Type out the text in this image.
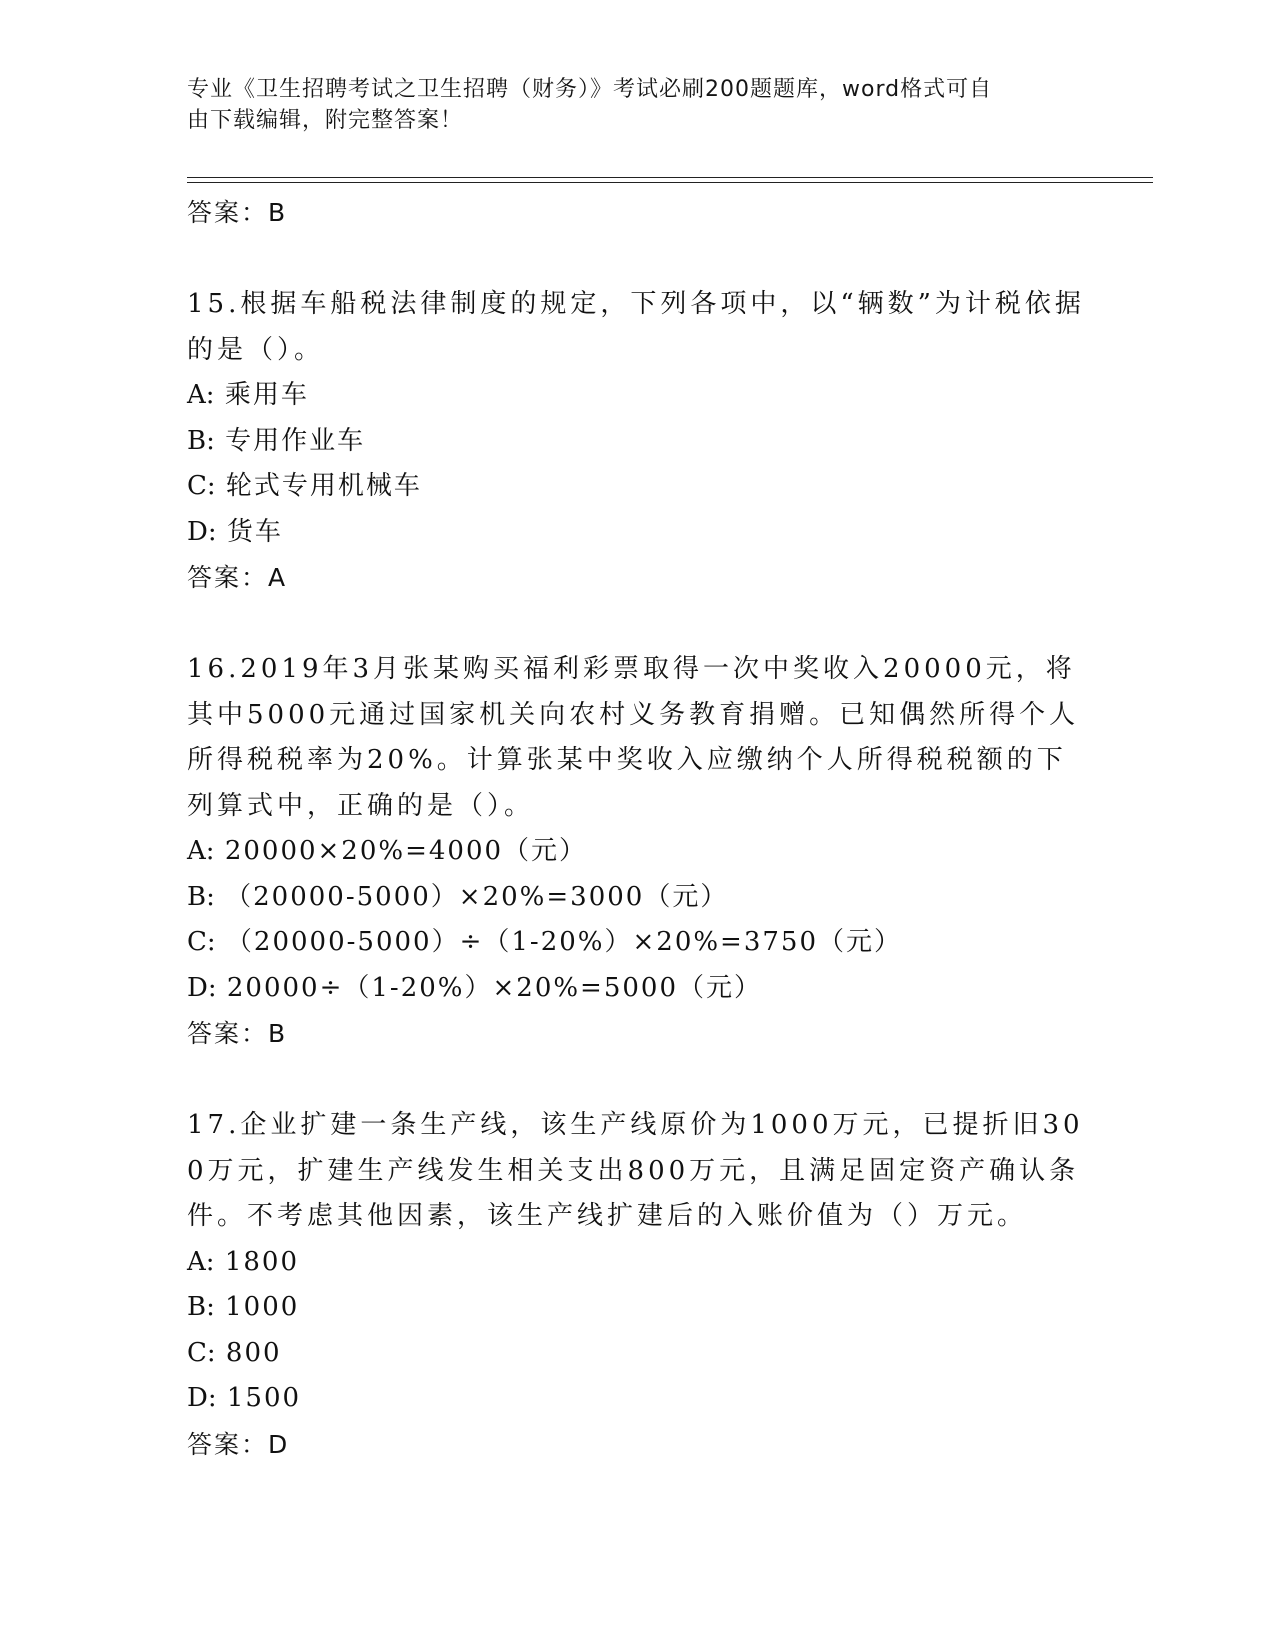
专业《卫生招聘考试之卫生招聘（财务）》考试必刷200题题库，word格式可自
由下载编辑，附完整答案！
答案：B
15.根据车船税法律制度的规定，下列各项中，以“辆数”为计税依据的是（）。
A: 乘用车
B: 专用作业车
C: 轮式专用机械车
D: 货车
答案：A
16.2019年3月张某购买福利彩票取得一次中奖收入20000元，将其中5000元通过国家机关向农村义务教育捐赠。已知偶然所得个人所得税税率为20%。计算张某中奖收入应缴纳个人所得税税额的下列算式中，正确的是（）。
A: 20000×20%=4000（元）
B: （20000-5000）×20%=3000（元）
C: （20000-5000）÷（1-20%）×20%=3750（元）
D: 20000÷（1-20%）×20%=5000（元）
答案：B
17.企业扩建一条生产线，该生产线原价为1000万元，已提折旧300万元，扩建生产线发生相关支出800万元，且满足固定资产确认条件。不考虑其他因素，该生产线扩建后的入账价值为（）万元。
A: 1800
B: 1000
C: 800
D: 1500
答案：D
